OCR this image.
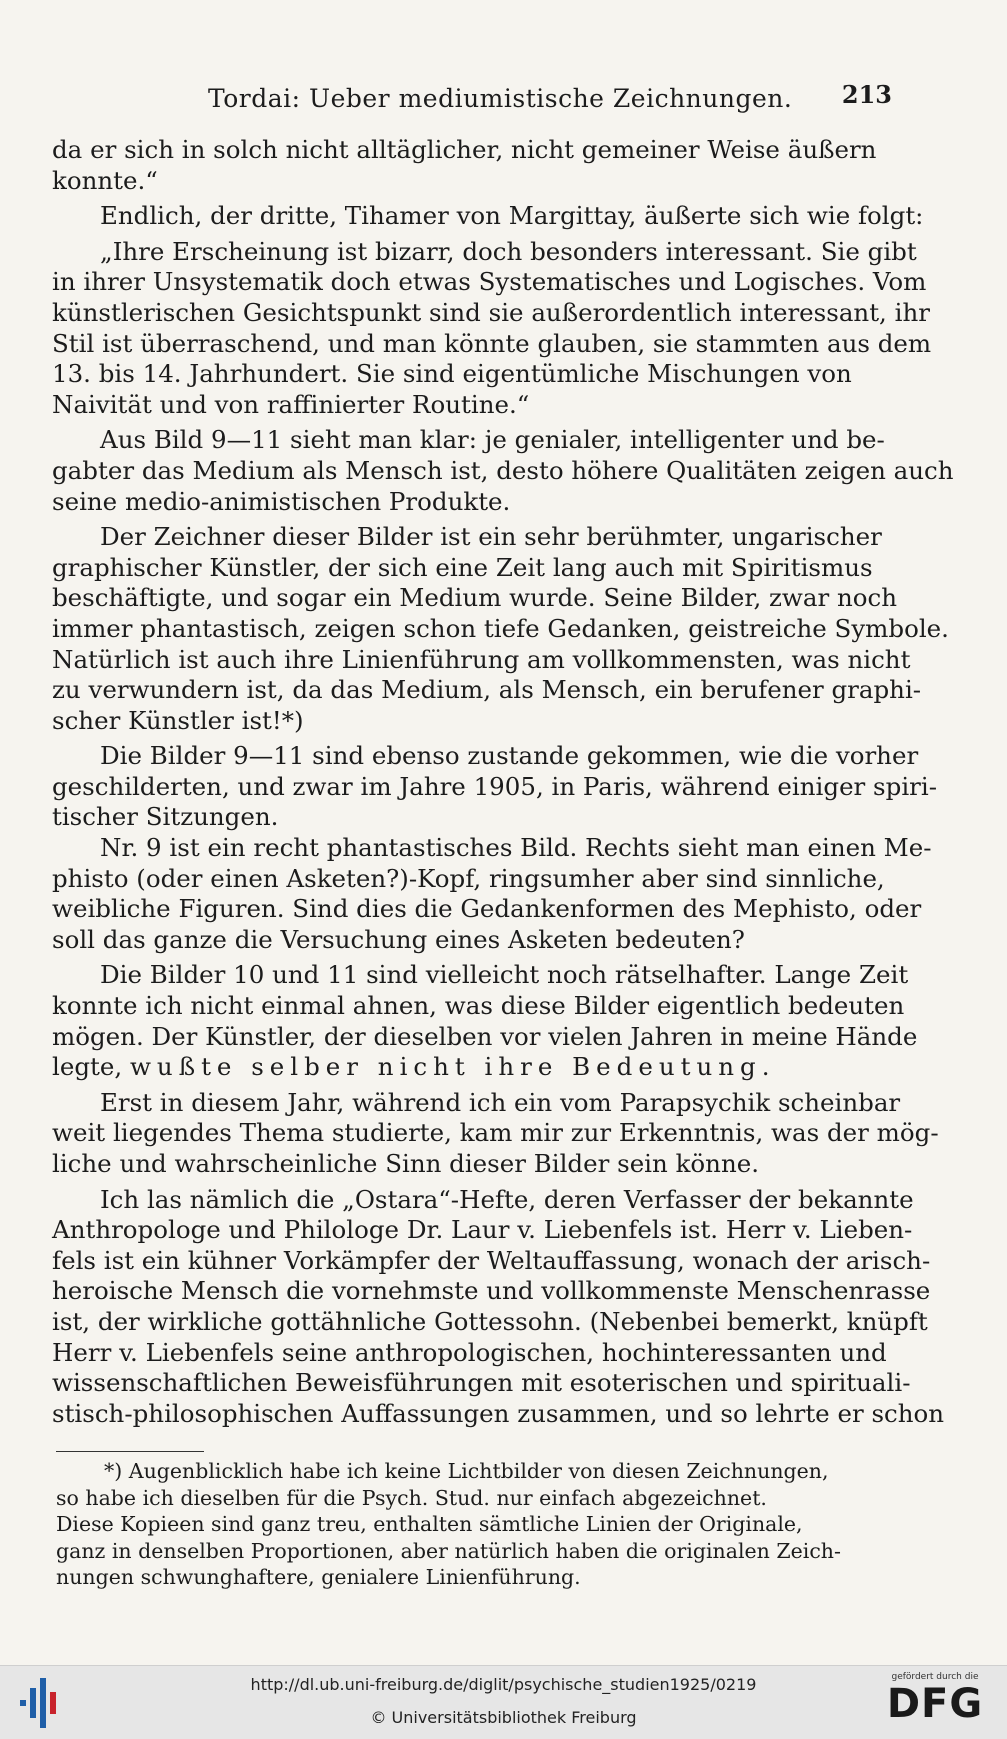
Tordai: Ueber mediumistische Zeichnungen. 213
da er sich in solch nicht alltäglicher, nicht gemeiner Weise äußern
konnte.“
Endlich, der dritte, Tihamer von Margittay, äußerte sich wie folgt:
„Ihre Erscheinung ist bizarr, doch besonders interessant. Sie gibt
in ihrer Unsystematik doch etwas Systematisches und Logisches. Vom
künstlerischen Gesichtspunkt sind sie außerordentlich interessant, ihr
Stil ist überraschend, und man könnte glauben, sie stammten aus dem
13. bis 14. Jahrhundert. Sie sind eigentümliche Mischungen von
Naivität und von raffinierter Routine.“
Aus Bild 9—11 sieht man klar: je genialer, intelligenter und be-
gabter das Medium als Mensch ist, desto höhere Qualitäten zeigen auch
seine medio-animistischen Produkte.
Der Zeichner dieser Bilder ist ein sehr berühmter, ungarischer
graphischer Künstler, der sich eine Zeit lang auch mit Spiritismus
beschäftigte, und sogar ein Medium wurde. Seine Bilder, zwar noch
immer phantastisch, zeigen schon tiefe Gedanken, geistreiche Symbole.
Natürlich ist auch ihre Linienführung am vollkommensten, was nicht
zu verwundern ist, da das Medium, als Mensch, ein berufener graphi-
scher Künstler ist!*)
Die Bilder 9—11 sind ebenso zustande gekommen, wie die vorher
geschilderten, und zwar im Jahre 1905, in Paris, während einiger spiri-
tischer Sitzungen.
Nr. 9 ist ein recht phantastisches Bild. Rechts sieht man einen Me-
phisto (oder einen Asketen?)-Kopf, ringsumher aber sind sinnliche,
weibliche Figuren. Sind dies die Gedankenformen des Mephisto, oder
soll das ganze die Versuchung eines Asketen bedeuten?
Die Bilder 10 und 11 sind vielleicht noch rätselhafter. Lange Zeit
konnte ich nicht einmal ahnen, was diese Bilder eigentlich bedeuten
mögen. Der Künstler, der dieselben vor vielen Jahren in meine Hände
legte, wußte selber nicht ihre Bedeutung.
Erst in diesem Jahr, während ich ein vom Parapsychik scheinbar
weit liegendes Thema studierte, kam mir zur Erkenntnis, was der mög-
liche und wahrscheinliche Sinn dieser Bilder sein könne.
Ich las nämlich die „Ostara“-Hefte, deren Verfasser der bekannte
Anthropologe und Philologe Dr. Laur v. Liebenfels ist. Herr v. Lieben-
fels ist ein kühner Vorkämpfer der Weltauffassung, wonach der arisch-
heroische Mensch die vornehmste und vollkommenste Menschenrasse
ist, der wirkliche gottähnliche Gottessohn. (Nebenbei bemerkt, knüpft
Herr v. Liebenfels seine anthropologischen, hochinteressanten und
wissenschaftlichen Beweisführungen mit esoterischen und spirituali-
stisch-philosophischen Auffassungen zusammen, und so lehrte er schon
*) Augenblicklich habe ich keine Lichtbilder von diesen Zeichnungen,
so habe ich dieselben für die Psych. Stud. nur einfach abgezeichnet.
Diese Kopieen sind ganz treu, enthalten sämtliche Linien der Originale,
ganz in denselben Proportionen, aber natürlich haben die originalen Zeich-
nungen schwunghaftere, genialere Linienführung.
http://dl.ub.uni-freiburg.de/diglit/psychische_studien1925/0219
© Universitätsbibliothek Freiburg
gefördert durch die
DFG
